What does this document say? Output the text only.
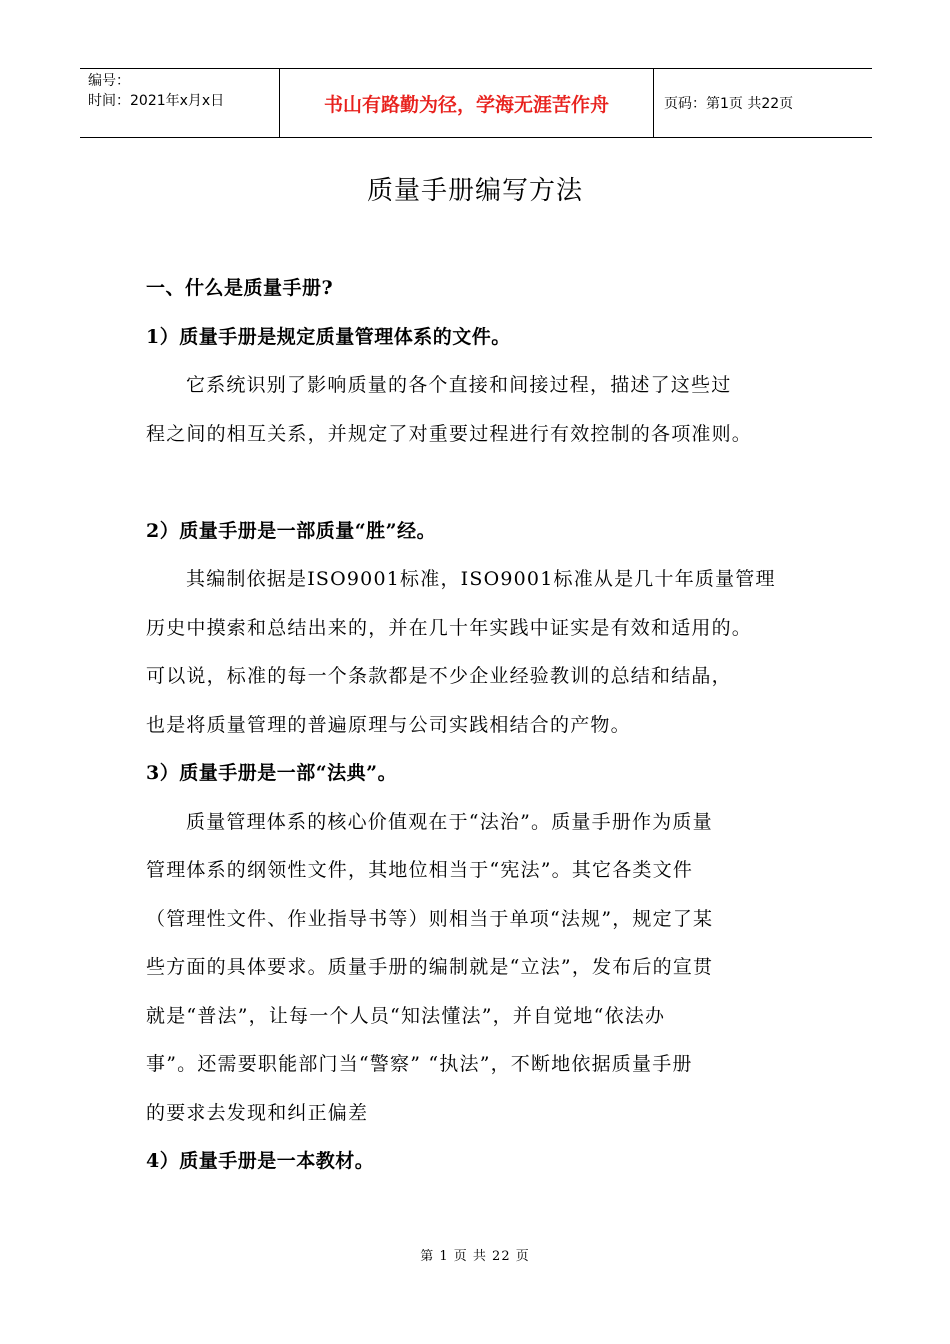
编号：
时间：2021年x月x日	书山有路勤为径，学海无涯苦作舟	页码：第1页 共22页
质量手册编写方法
一、什么是质量手册?
1）质量手册是规定质量管理体系的文件。
它系统识别了影响质量的各个直接和间接过程，描述了这些过
程之间的相互关系，并规定了对重要过程进行有效控制的各项准则。
2）质量手册是一部质量“胜”经。
其编制依据是ISO9001标准，ISO9001标准从是几十年质量管理
历史中摸索和总结出来的，并在几十年实践中证实是有效和适用的。
可以说，标准的每一个条款都是不少企业经验教训的总结和结晶，
也是将质量管理的普遍原理与公司实践相结合的产物。
3）质量手册是一部“法典”。
质量管理体系的核心价值观在于“法治”。质量手册作为质量
管理体系的纲领性文件，其地位相当于“宪法”。其它各类文件
（管理性文件、作业指导书等）则相当于单项“法规”，规定了某
些方面的具体要求。质量手册的编制就是“立法”，发布后的宣贯
就是“普法”，让每一个人员“知法懂法”，并自觉地“依法办
事”。还需要职能部门当“警察” “执法”，不断地依据质量手册
的要求去发现和纠正偏差
4）质量手册是一本教材。
第 1 页 共 22 页
